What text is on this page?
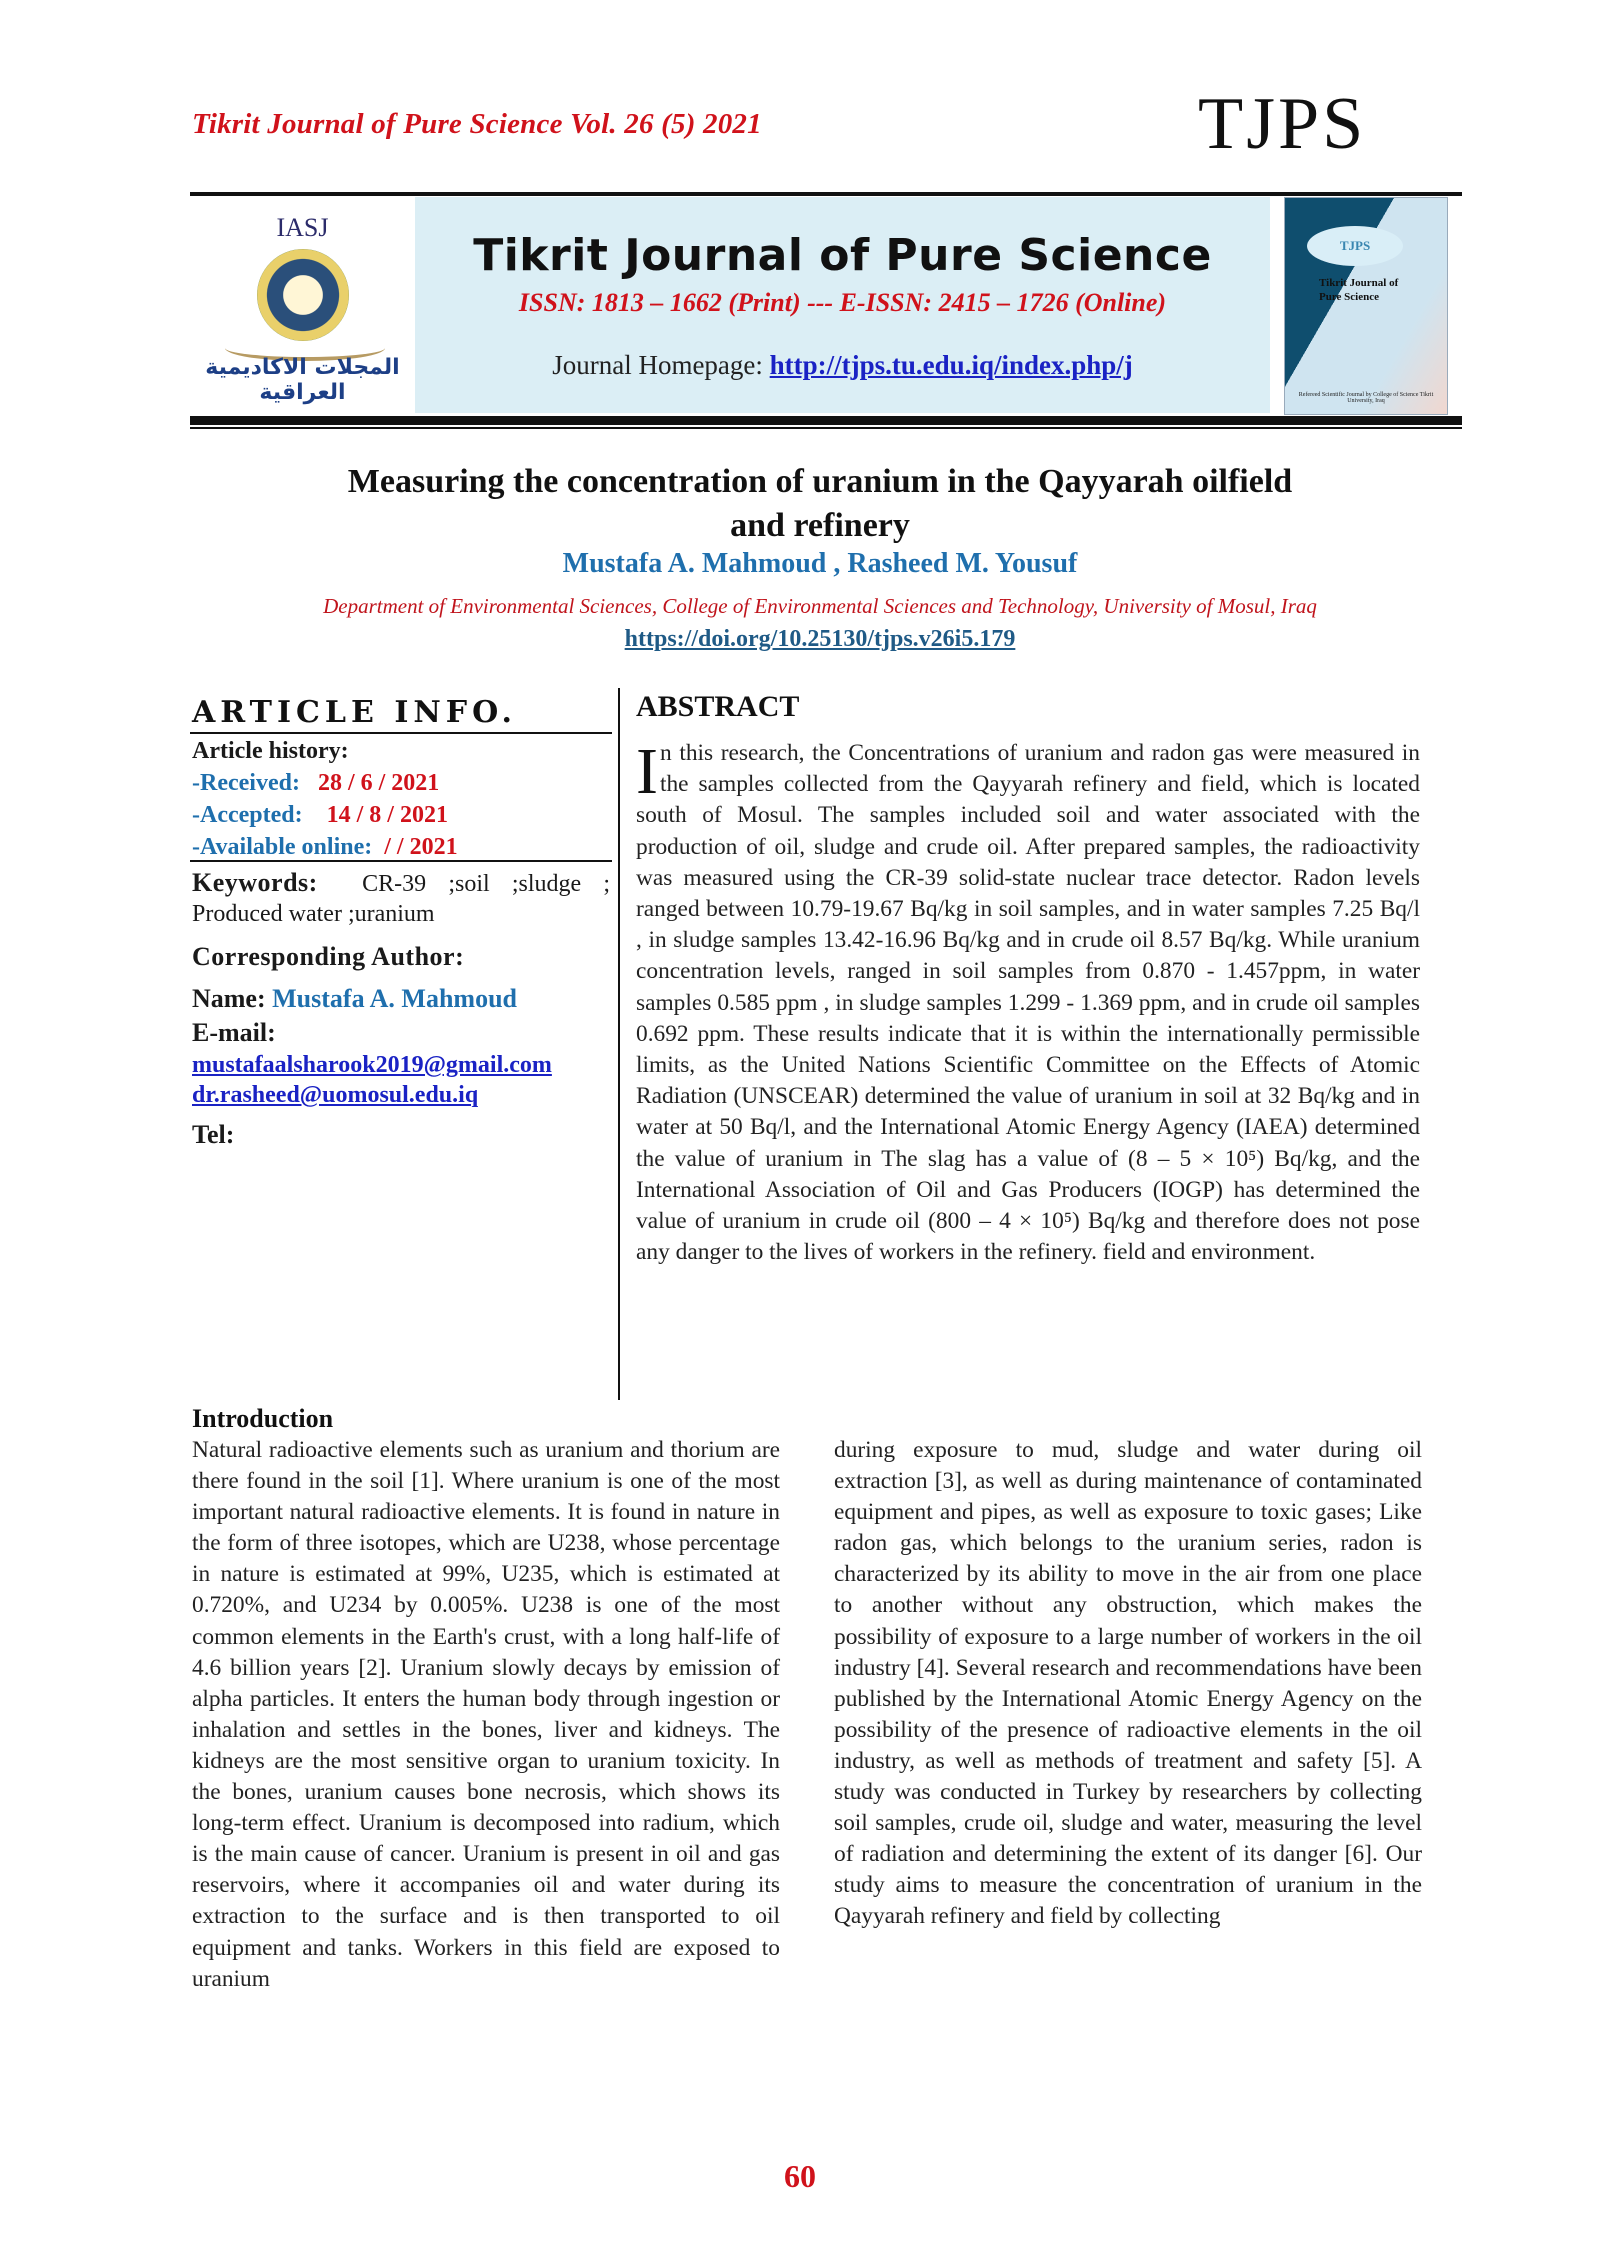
Tikrit Journal of Pure Science Vol. 26 (5) 2021	TJPS
IASJ
المجلات الاكاديمية العراقية
Tikrit Journal of Pure Science
ISSN: 1813 – 1662 (Print) --- E-ISSN: 2415 – 1726 (Online)
Journal Homepage: http://tjps.tu.edu.iq/index.php/j
TJPS
Tikrit Journal of
Pure Science
Refereed Scientific Journal by College of Science Tikrit University, Iraq
Measuring the concentration of uranium in the Qayyarah oilfield
and refinery
Mustafa A. Mahmoud , Rasheed M. Yousuf
Department of Environmental Sciences, College of Environmental Sciences and Technology, University of Mosul, Iraq
https://doi.org/10.25130/tjps.v26i5.179
ARTICLE INFO.
Article history:
-Received: 28 / 6 / 2021
-Accepted: 14 / 8 / 2021
-Available online: / / 2021
Keywords: CR-39 ;soil ;sludge ; Produced water ;uranium
Corresponding Author:
Name: Mustafa A. Mahmoud
E-mail:
mustafaalsharook2019@gmail.com
dr.rasheed@uomosul.edu.iq
Tel:
ABSTRACT
In this research, the Concentrations of uranium and radon gas were measured in the samples collected from the Qayyarah refinery and field, which is located south of Mosul. The samples included soil and water associated with the production of oil, sludge and crude oil. After prepared samples, the radioactivity was measured using the CR-39 solid-state nuclear trace detector. Radon levels ranged between 10.79-19.67 Bq/kg in soil samples, and in water samples 7.25 Bq/l , in sludge samples 13.42-16.96 Bq/kg and in crude oil 8.57 Bq/kg. While uranium concentration levels, ranged in soil samples from 0.870 - 1.457ppm, in water samples 0.585 ppm , in sludge samples 1.299 - 1.369 ppm, and in crude oil samples 0.692 ppm. These results indicate that it is within the internationally permissible limits, as the United Nations Scientific Committee on the Effects of Atomic Radiation (UNSCEAR) determined the value of uranium in soil at 32 Bq/kg and in water at 50 Bq/l, and the International Atomic Energy Agency (IAEA) determined the value of uranium in The slag has a value of (8 – 5 × 10⁵) Bq/kg, and the International Association of Oil and Gas Producers (IOGP) has determined the value of uranium in crude oil (800 – 4 × 10⁵) Bq/kg and therefore does not pose any danger to the lives of workers in the refinery. field and environment.
Introduction
Natural radioactive elements such as uranium and thorium are there found in the soil [1]. Where uranium is one of the most important natural radioactive elements. It is found in nature in the form of three isotopes, which are U238, whose percentage in nature is estimated at 99%, U235, which is estimated at 0.720%, and U234 by 0.005%. U238 is one of the most common elements in the Earth's crust, with a long half-life of 4.6 billion years [2]. Uranium slowly decays by emission of alpha particles. It enters the human body through ingestion or inhalation and settles in the bones, liver and kidneys. The kidneys are the most sensitive organ to uranium toxicity. In the bones, uranium causes bone necrosis, which shows its long-term effect. Uranium is decomposed into radium, which is the main cause of cancer. Uranium is present in oil and gas reservoirs, where it accompanies oil and water during its extraction to the surface and is then transported to oil equipment and tanks. Workers in this field are exposed to uranium
during exposure to mud, sludge and water during oil extraction [3], as well as during maintenance of contaminated equipment and pipes, as well as exposure to toxic gases; Like radon gas, which belongs to the uranium series, radon is characterized by its ability to move in the air from one place to another without any obstruction, which makes the possibility of exposure to a large number of workers in the oil industry [4]. Several research and recommendations have been published by the International Atomic Energy Agency on the possibility of the presence of radioactive elements in the oil industry, as well as methods of treatment and safety [5]. A study was conducted in Turkey by researchers by collecting soil samples, crude oil, sludge and water, measuring the level of radiation and determining the extent of its danger [6]. Our study aims to measure the concentration of uranium in the Qayyarah refinery and field by collecting
60
